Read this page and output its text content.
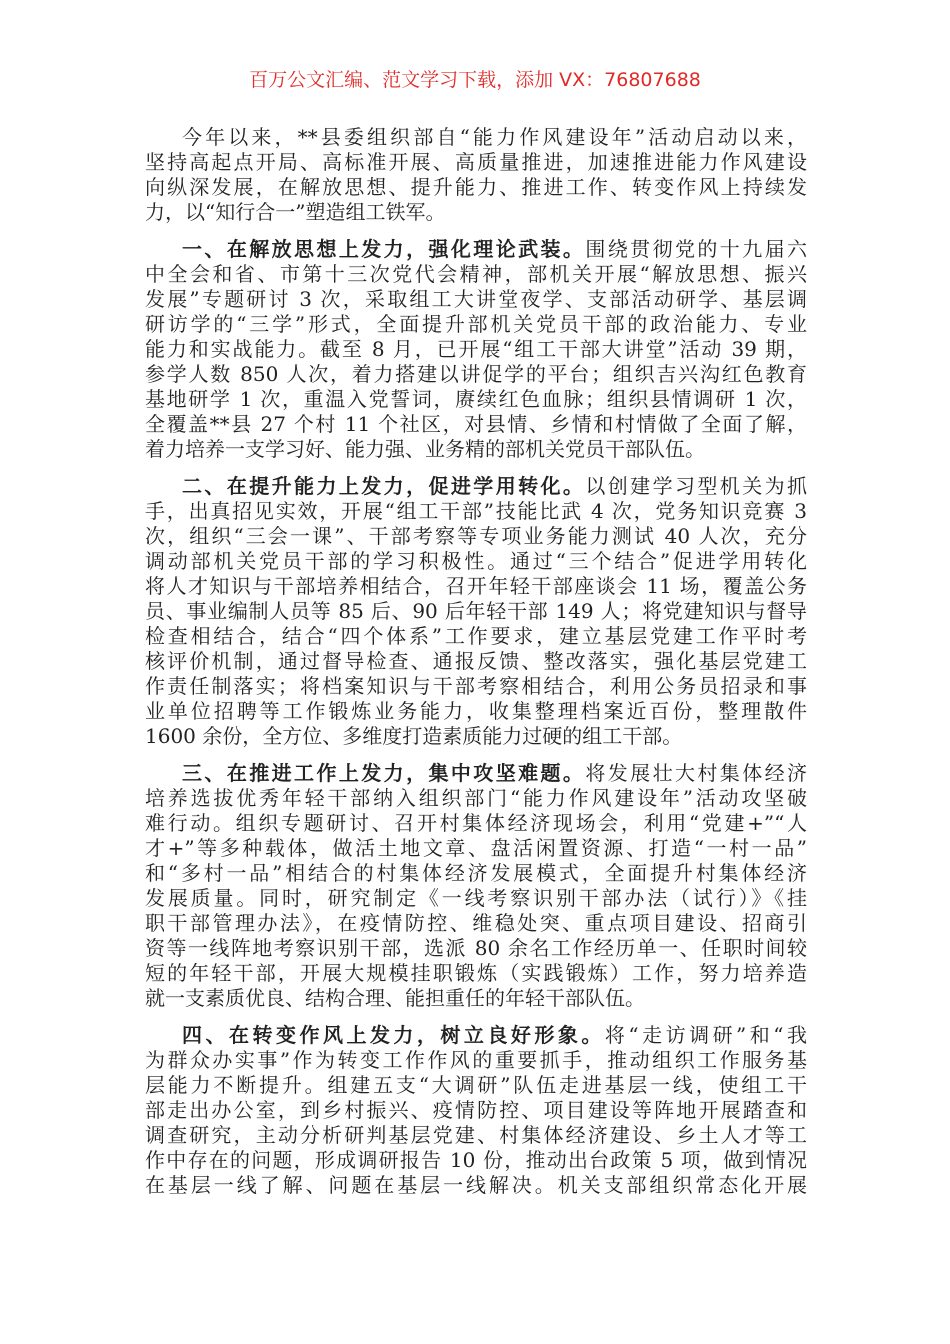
百万公文汇编、范文学习下载，添加 VX：76807688
今年以来，**县委组织部自“能力作风建设年”活动启动以来，
坚持高起点开局、高标准开展、高质量推进，加速推进能力作风建设
向纵深发展，在解放思想、提升能力、推进工作、转变作风上持续发
力，以“知行合一”塑造组工铁军。
一、在解放思想上发力，强化理论武装。围绕贯彻党的十九届六
中全会和省、市第十三次党代会精神，部机关开展“解放思想、振兴
发展”专题研讨 3 次，采取组工大讲堂夜学、支部活动研学、基层调
研访学的“三学”形式，全面提升部机关党员干部的政治能力、专业
能力和实战能力。截至 8 月，已开展“组工干部大讲堂”活动 39 期，
参学人数 850 人次，着力搭建以讲促学的平台；组织吉兴沟红色教育
基地研学 1 次，重温入党誓词，赓续红色血脉；组织县情调研 1 次，
全覆盖**县 27 个村 11 个社区，对县情、乡情和村情做了全面了解，
着力培养一支学习好、能力强、业务精的部机关党员干部队伍。
二、在提升能力上发力，促进学用转化。以创建学习型机关为抓
手，出真招见实效，开展“组工干部”技能比武 4 次，党务知识竞赛 3
次，组织“三会一课”、干部考察等专项业务能力测试 40 人次，充分
调动部机关党员干部的学习积极性。通过“三个结合”促进学用转化
将人才知识与干部培养相结合，召开年轻干部座谈会 11 场，覆盖公务
员、事业编制人员等 85 后、90 后年轻干部 149 人；将党建知识与督导
检查相结合，结合“四个体系”工作要求，建立基层党建工作平时考
核评价机制，通过督导检查、通报反馈、整改落实，强化基层党建工
作责任制落实；将档案知识与干部考察相结合，利用公务员招录和事
业单位招聘等工作锻炼业务能力，收集整理档案近百份，整理散件
1600 余份，全方位、多维度打造素质能力过硬的组工干部。
三、在推进工作上发力，集中攻坚难题。将发展壮大村集体经济
培养选拔优秀年轻干部纳入组织部门“能力作风建设年”活动攻坚破
难行动。组织专题研讨、召开村集体经济现场会，利用“党建+”“人
才+”等多种载体，做活土地文章、盘活闲置资源、打造“一村一品”
和“多村一品”相结合的村集体经济发展模式，全面提升村集体经济
发展质量。同时，研究制定《一线考察识别干部办法（试行）》《挂
职干部管理办法》，在疫情防控、维稳处突、重点项目建设、招商引
资等一线阵地考察识别干部，选派 80 余名工作经历单一、任职时间较
短的年轻干部，开展大规模挂职锻炼（实践锻炼）工作，努力培养造
就一支素质优良、结构合理、能担重任的年轻干部队伍。
四、在转变作风上发力，树立良好形象。将“走访调研”和“我
为群众办实事”作为转变工作作风的重要抓手，推动组织工作服务基
层能力不断提升。组建五支“大调研”队伍走进基层一线，使组工干
部走出办公室，到乡村振兴、疫情防控、项目建设等阵地开展踏查和
调查研究，主动分析研判基层党建、村集体经济建设、乡土人才等工
作中存在的问题，形成调研报告 10 份，推动出台政策 5 项，做到情况
在基层一线了解、问题在基层一线解决。机关支部组织常态化开展
